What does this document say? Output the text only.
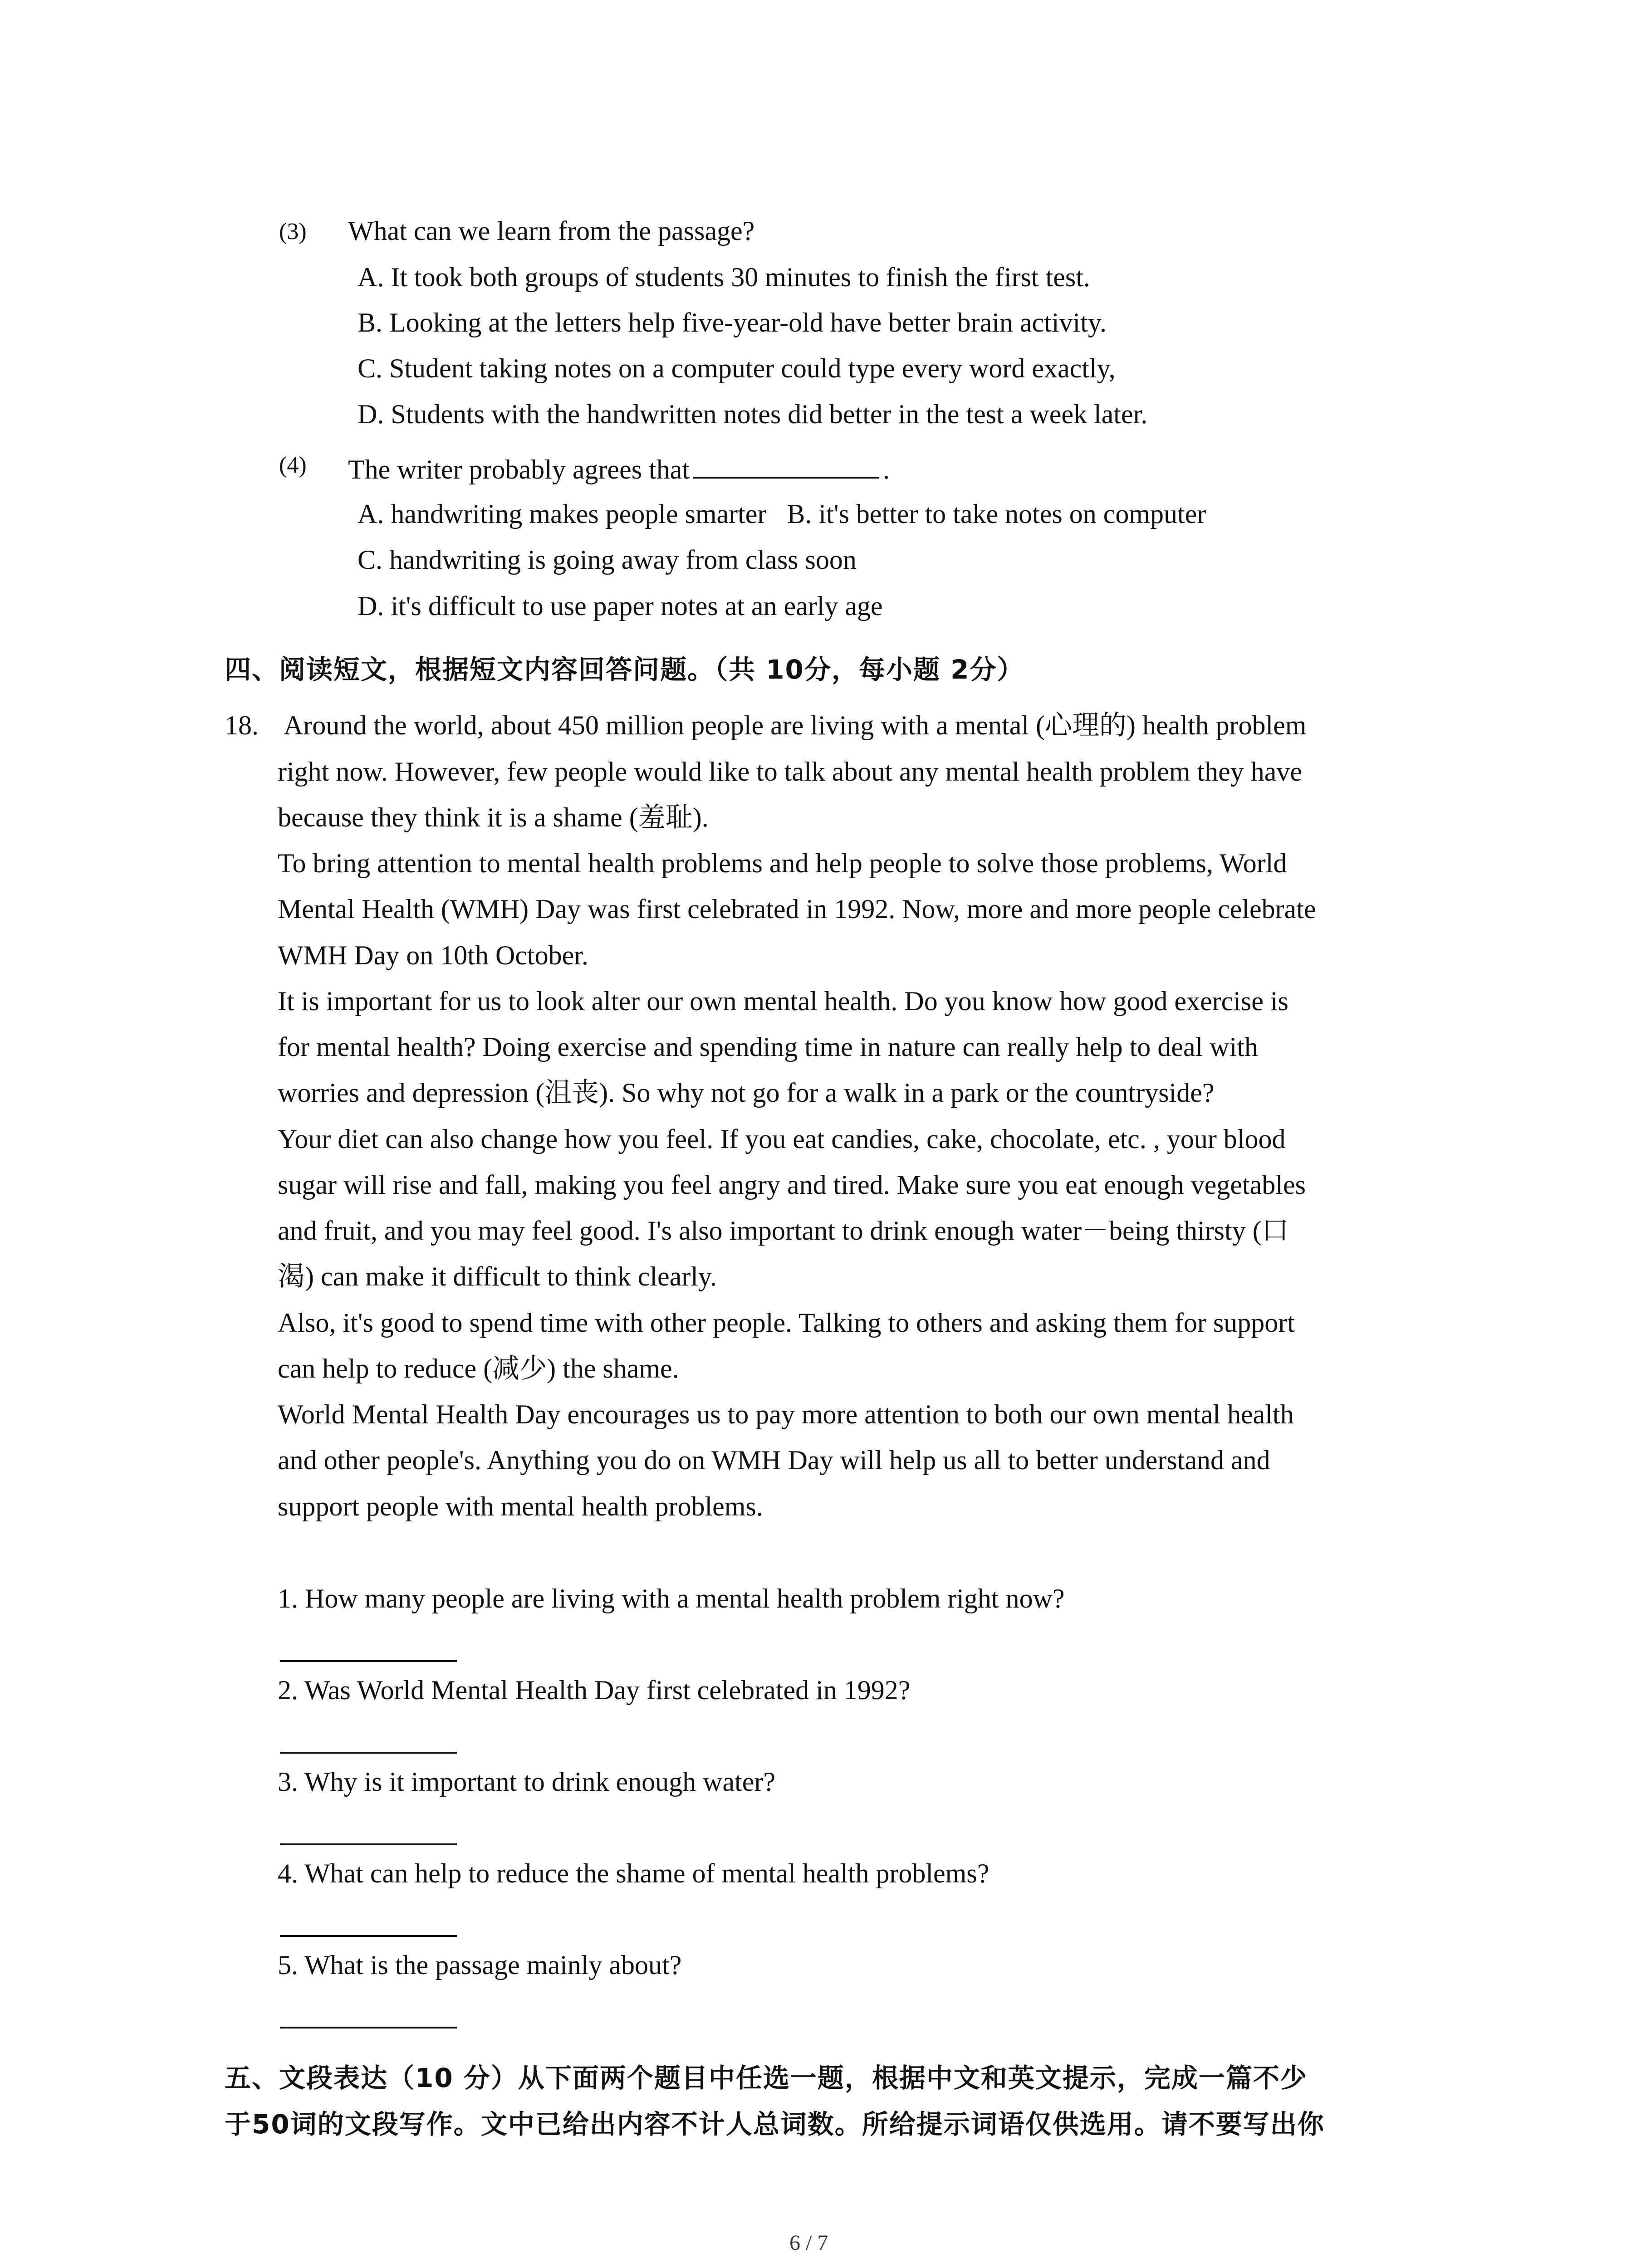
(3) What can we learn from the passage?
A. It took both groups of students 30 minutes to finish the first test.
B. Looking at the letters help five-year-old have better brain activity.
C. Student taking notes on a computer could type every word exactly,
D. Students with the handwritten notes did better in the test a week later.
(4) The writer probably agrees that	.
A. handwriting makes people smarter   B. it's better to take notes on computer
C. handwriting is going away from class soon
D. it's difficult to use paper notes at an early age
四、阅读短文，根据短文内容回答问题。（共 10分，每小题 2分）
18. Around the world, about 450 million people are living with a mental (心理的) health problem
right now. However, few people would like to talk about any mental health problem they have
because they think it is a shame (羞耻).
To bring attention to mental health problems and help people to solve those problems, World
Mental Health (WMH) Day was first celebrated in 1992. Now, more and more people celebrate
WMH Day on 10th October.
It is important for us to look alter our own mental health. Do you know how good exercise is
for mental health? Doing exercise and spending time in nature can really help to deal with
worries and depression (沮丧). So why not go for a walk in a park or the countryside?
Your diet can also change how you feel. If you eat candies, cake, chocolate, etc. , your blood
sugar will rise and fall, making you feel angry and tired. Make sure you eat enough vegetables
and fruit, and you may feel good. I's also important to drink enough water－being thirsty (口
渴) can make it difficult to think clearly.
Also, it's good to spend time with other people. Talking to others and asking them for support
can help to reduce (减少) the shame.
World Mental Health Day encourages us to pay more attention to both our own mental health
and other people's. Anything you do on WMH Day will help us all to better understand and
support people with mental health problems.
1. How many people are living with a mental health problem right now?
2. Was World Mental Health Day first celebrated in 1992?
3. Why is it important to drink enough water?
4. What can help to reduce the shame of mental health problems?
5. What is the passage mainly about?
五、文段表达（10 分）从下面两个题目中任选一题，根据中文和英文提示，完成一篇不少
于50词的文段写作。文中已给出内容不计人总词数。所给提示词语仅供选用。请不要写出你
6 / 7
